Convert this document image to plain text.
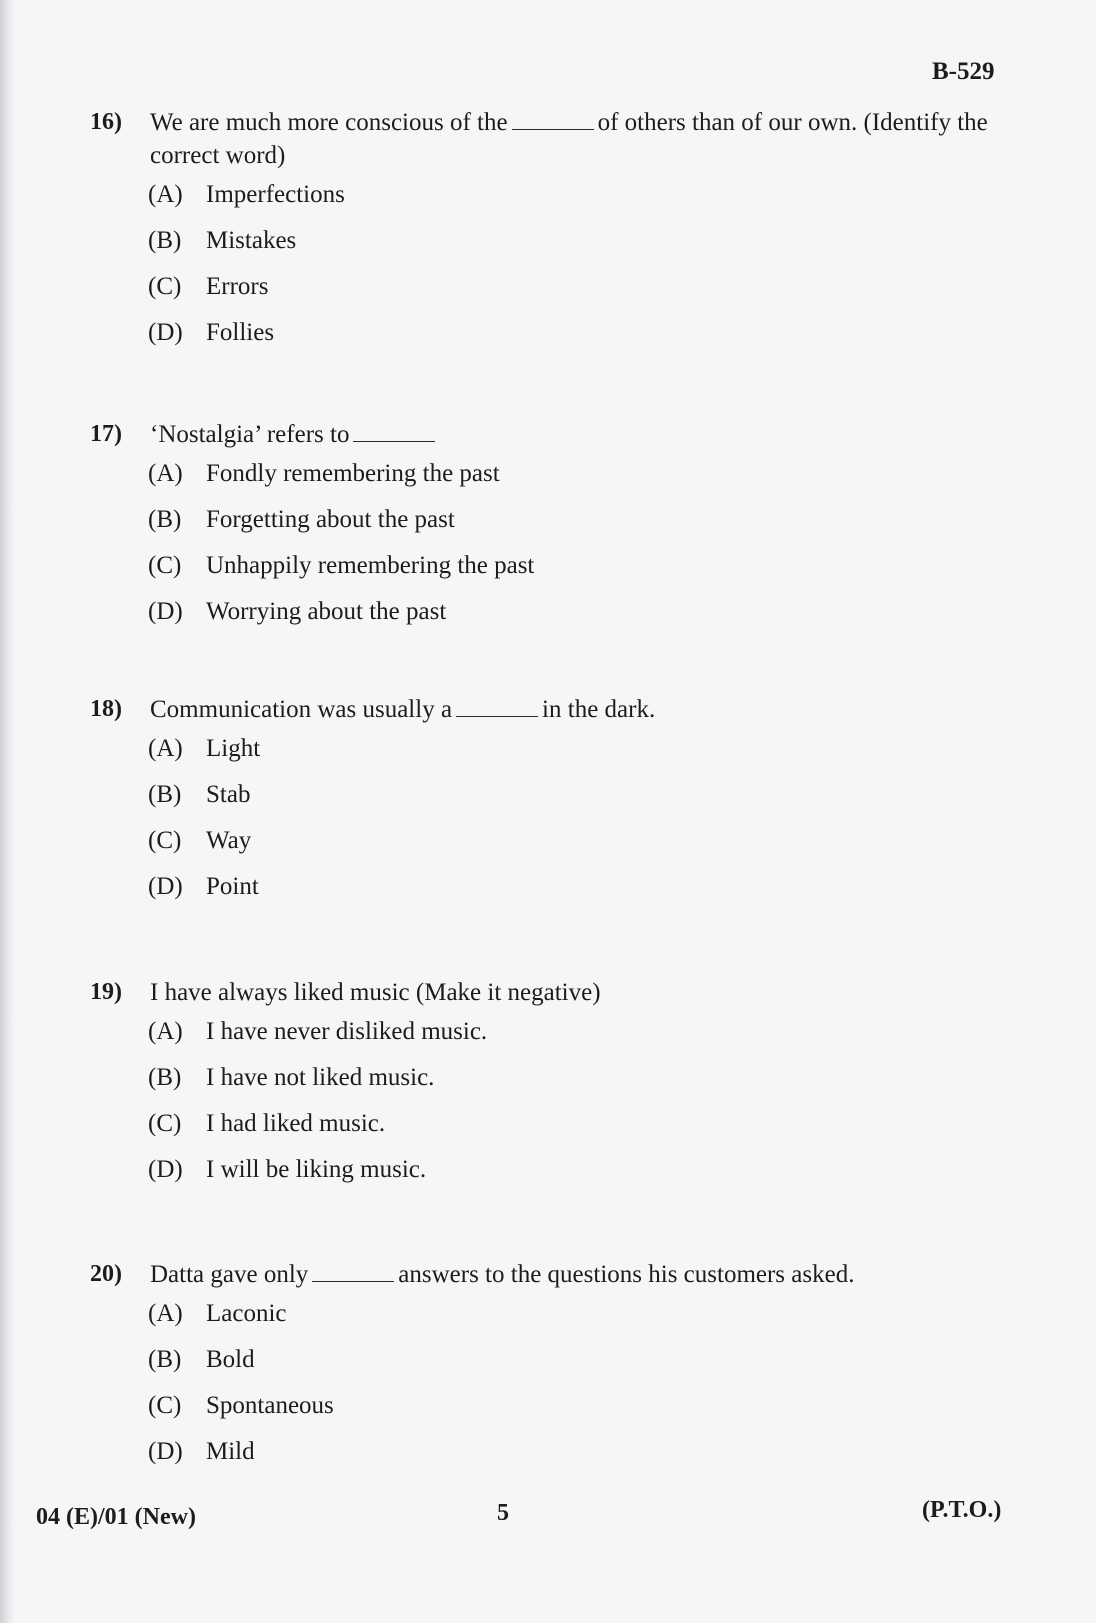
B-529
16)	We are much more conscious of the	of others than of our own. (Identify the correct word)
(A) Imperfections
(B) Mistakes
(C) Errors
(D) Follies
17)	‘Nostalgia’ refers to
(A) Fondly remembering the past
(B) Forgetting about the past
(C) Unhappily remembering the past
(D) Worrying about the past
18)	Communication was usually a	in the dark.
(A) Light
(B) Stab
(C) Way
(D) Point
19)	I have always liked music (Make it negative)
(A) I have never disliked music.
(B) I have not liked music.
(C) I had liked music.
(D) I will be liking music.
20)	Datta gave only	answers to the questions his customers asked.
(A) Laconic
(B) Bold
(C) Spontaneous
(D) Mild
04 (E)/01 (New)	5	(P.T.O.)
